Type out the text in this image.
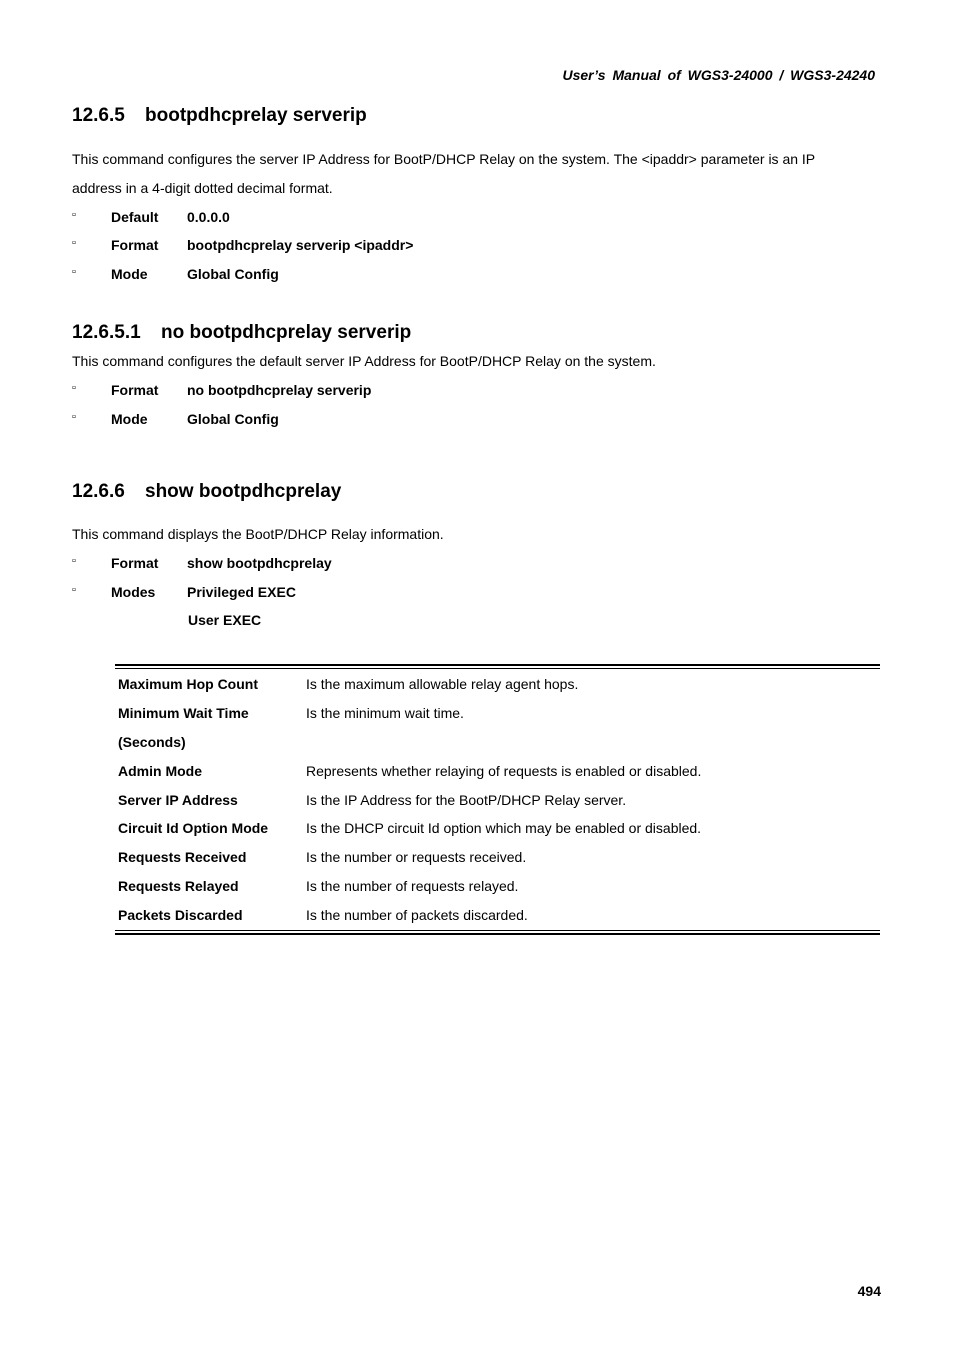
User’s Manual of WGS3-24000 / WGS3-24240
12.6.5 bootpdhcprelay serverip
This command configures the server IP Address for BootP/DHCP Relay on the system. The <ipaddr> parameter is an IP
address in a 4-digit dotted decimal format.
▫	Default 0.0.0.0
▫	Format bootpdhcprelay serverip <ipaddr>
▫	Mode	Global Config
12.6.5.1 no bootpdhcprelay serverip
This command configures the default server IP Address for BootP/DHCP Relay on the system.
▫	Format no bootpdhcprelay serverip
▫	Mode	Global Config
12.6.6 show bootpdhcprelay
This command displays the BootP/DHCP Relay information.
▫	Format show bootpdhcprelay
▫	Modes Privileged EXEC
User EXEC
Maximum Hop Count	Is the maximum allowable relay agent hops.
Minimum Wait Time	Is the minimum wait time.
(Seconds)
Admin Mode	Represents whether relaying of requests is enabled or disabled.
Server IP Address	Is the IP Address for the BootP/DHCP Relay server.
Circuit Id Option Mode	Is the DHCP circuit Id option which may be enabled or disabled.
Requests Received	Is the number or requests received.
Requests Relayed	Is the number of requests relayed.
Packets Discarded	Is the number of packets discarded.
494
